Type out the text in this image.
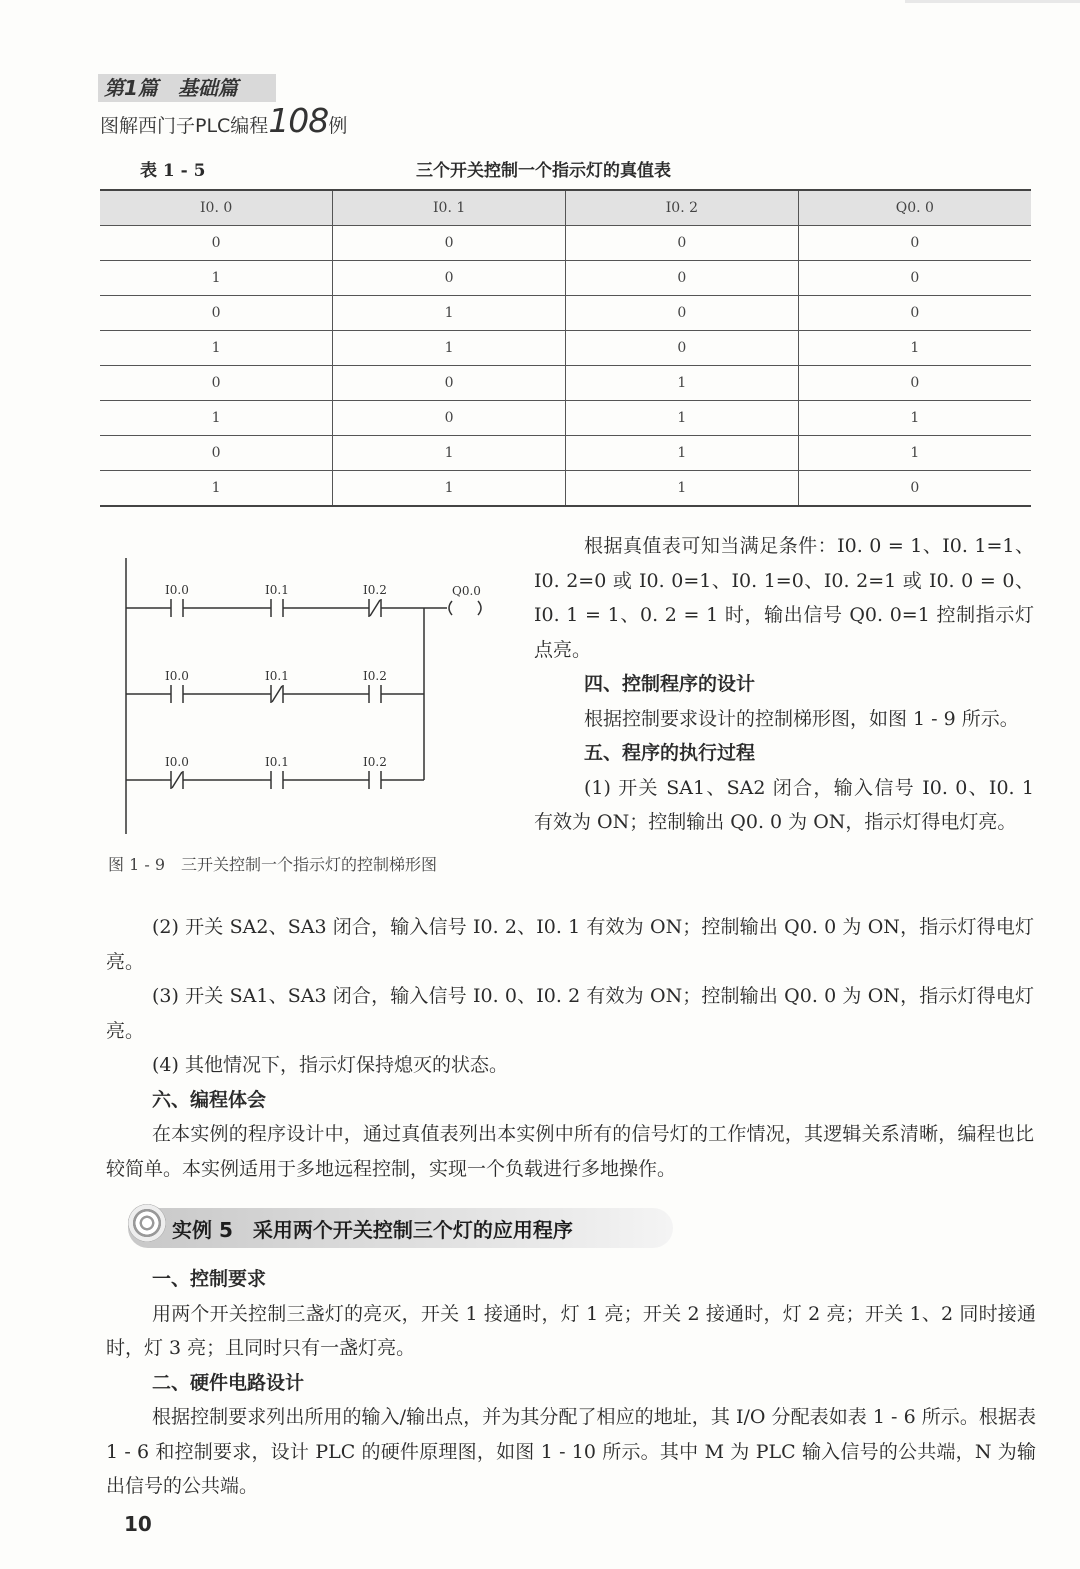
第1篇　基础篇
图解西门子PLC编程108例
表 1 - 5	三个开关控制一个指示灯的真值表
I0. 0	I0. 1	I0. 2	Q0. 0
0	0	0	0
1	0	0	0
0	1	0	0
1	1	0	1
0	0	1	0
1	0	1	1
0	1	1	1
1	1	1	0
Q0.0
I0.0	I0.1	I0.2
I0.0	I0.1	I0.2
I0.0	I0.1	I0.2
图 1 - 9　三开关控制一个指示灯的控制梯形图
根据真值表可知当满足条件：I0. 0 = 1、I0. 1=1、I0. 2=0 或 I0. 0=1、I0. 1=0、I0. 2=1 或 I0. 0 = 0、I0. 1 = 1、0. 2 = 1 时，输出信号 Q0. 0=1 控制指示灯点亮。
四、控制程序的设计
根据控制要求设计的控制梯形图，如图 1 - 9 所示。
五、程序的执行过程
(1) 开关 SA1、SA2 闭合，输入信号 I0. 0、I0. 1 有效为 ON；控制输出 Q0. 0 为 ON，指示灯得电灯亮。
(2) 开关 SA2、SA3 闭合，输入信号 I0. 2、I0. 1 有效为 ON；控制输出 Q0. 0 为 ON，指示灯得电灯亮。
(3) 开关 SA1、SA3 闭合，输入信号 I0. 0、I0. 2 有效为 ON；控制输出 Q0. 0 为 ON，指示灯得电灯亮。
(4) 其他情况下，指示灯保持熄灭的状态。
六、编程体会
在本实例的程序设计中，通过真值表列出本实例中所有的信号灯的工作情况，其逻辑关系清晰，编程也比较简单。本实例适用于多地远程控制，实现一个负载进行多地操作。
实例 5　采用两个开关控制三个灯的应用程序
一、控制要求
用两个开关控制三盏灯的亮灭，开关 1 接通时，灯 1 亮；开关 2 接通时，灯 2 亮；开关 1、2 同时接通时，灯 3 亮；且同时只有一盏灯亮。
二、硬件电路设计
根据控制要求列出所用的输入/输出点，并为其分配了相应的地址，其 I/O 分配表如表 1 - 6 所示。根据表 1 - 6 和控制要求，设计 PLC 的硬件原理图，如图 1 - 10 所示。其中 M 为 PLC 输入信号的公共端，N 为输出信号的公共端。
10
